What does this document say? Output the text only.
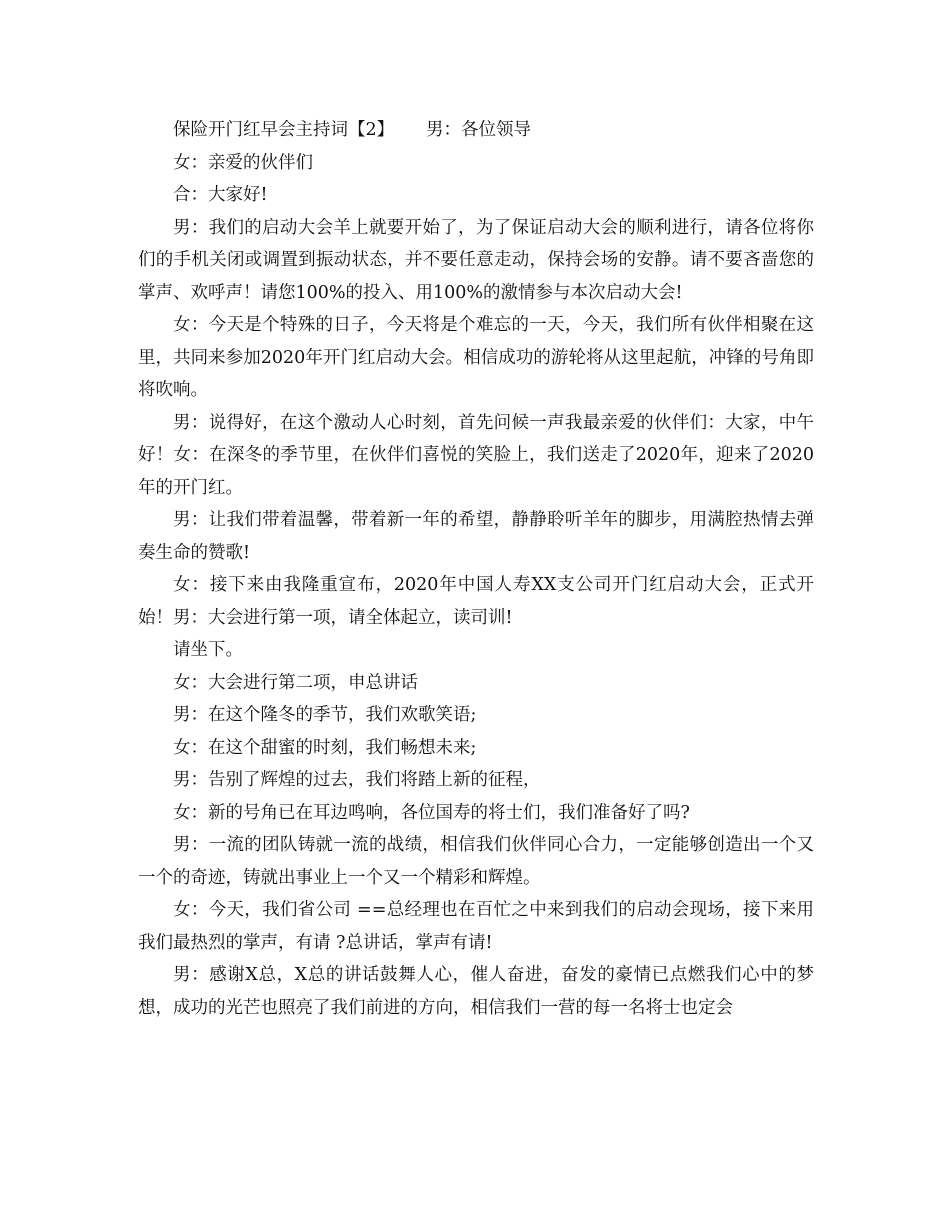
保险开门红早会主持词【2】　　 男：各位领导

女：亲爱的伙伴们

合：大家好!

男：我们的启动大会羊上就要开始了，为了保证启动大会的顺利进行，请各位将你们的手机关闭或调置到振动状态，并不要任意走动，保持会场的安静。请不要吝啬您的掌声、欢呼声！请您100%的投入、用100%的激情参与本次启动大会!

女：今天是个特殊的日子，今天将是个难忘的一天，今天，我们所有伙伴相聚在这里，共同来参加2020年开门红启动大会。相信成功的游轮将从这里起航，冲锋的号角即将吹响。

男：说得好，在这个激动人心时刻，首先问候一声我最亲爱的伙伴们：大家，中午好！女：在深冬的季节里，在伙伴们喜悦的笑脸上，我们送走了2020年，迎来了2020年的开门红。

男：让我们带着温馨，带着新一年的希望，静静聆听羊年的脚步，用满腔热情去弹奏生命的赞歌!

女：接下来由我隆重宣布，2020年中国人寿XX支公司开门红启动大会，正式开始！男：大会进行第一项，请全体起立，读司训!

请坐下。

女：大会进行第二项，申总讲话

男：在这个隆冬的季节，我们欢歌笑语;

女：在这个甜蜜的时刻，我们畅想未来;

男：告别了辉煌的过去，我们将踏上新的征程，

女：新的号角已在耳边鸣响，各位国寿的将士们，我们准备好了吗?

男：一流的团队铸就一流的战绩，相信我们伙伴同心合力，一定能够创造出一个又一个的奇迹，铸就出事业上一个又一个精彩和辉煌。

女：今天，我们省公司 ==总经理也在百忙之中来到我们的启动会现场，接下来用我们最热烈的掌声，有请 ?总讲话，掌声有请!

男：感谢X总，X总的讲话鼓舞人心，催人奋进，奋发的豪情已点燃我们心中的梦想，成功的光芒也照亮了我们前进的方向，相信我们一营的每一名将士也定会
